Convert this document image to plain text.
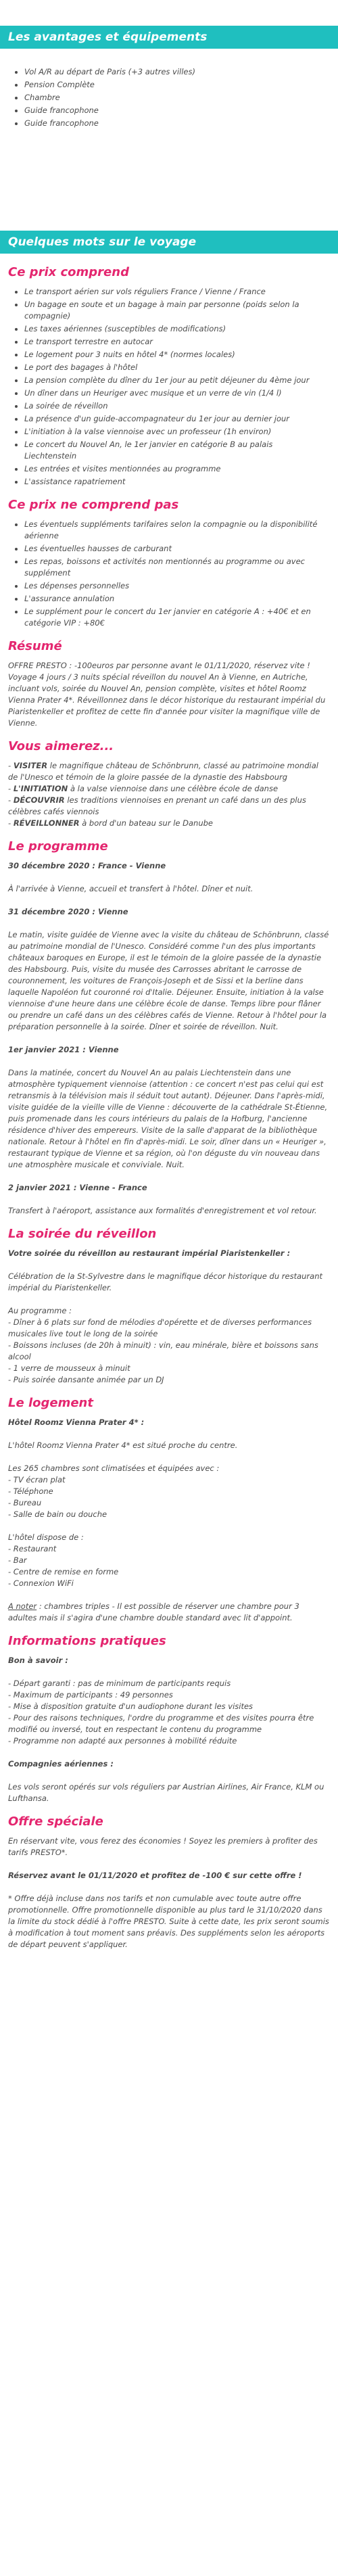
Les avantages et équipements
• Vol A/R au départ de Paris (+3 autres villes)
• Pension Complète
• Chambre
• Guide francophone
• Guide francophone
Quelques mots sur le voyage
Ce prix comprend
• Le transport aérien sur vols réguliers France / Vienne / France
• Un bagage en soute et un bagage à main par personne (poids selon la compagnie)
• Les taxes aériennes (susceptibles de modifications)
• Le transport terrestre en autocar
• Le logement pour 3 nuits en hôtel 4* (normes locales)
• Le port des bagages à l'hôtel
• La pension complète du dîner du 1er jour au petit déjeuner du 4ème jour
• Un dîner dans un Heuriger avec musique et un verre de vin (1/4 l)
• La soirée de réveillon
• La présence d'un guide-accompagnateur du 1er jour au dernier jour
• L'initiation à la valse viennoise avec un professeur (1h environ)
• Le concert du Nouvel An, le 1er janvier en catégorie B au palais Liechtenstein
• Les entrées et visites mentionnées au programme
• L'assistance rapatriement
Ce prix ne comprend pas
• Les éventuels suppléments tarifaires selon la compagnie ou la disponibilité aérienne
• Les éventuelles hausses de carburant
• Les repas, boissons et activités non mentionnés au programme ou avec supplément
• Les dépenses personnelles
• L'assurance annulation
• Le supplément pour le concert du 1er janvier en catégorie A : +40€ et en catégorie VIP : +80€
Résumé

OFFRE PRESTO : -100euros par personne avant le 01/11/2020, réservez vite ! Voyage 4 jours / 3 nuits spécial réveillon du nouvel An à Vienne, en Autriche, incluant vols, soirée du Nouvel An, pension complète, visites et hôtel Roomz Vienna Prater 4*. Réveillonnez dans le décor historique du restaurant impérial du Piaristenkeller et profitez de cette fin d'année pour visiter la magnifique ville de Vienne.

Vous aimerez...

- VISITER le magnifique château de Schönbrunn, classé au patrimoine mondial de l'Unesco et témoin de la gloire passée de la dynastie des Habsbourg

- L'INITIATION à la valse viennoise dans une célèbre école de danse

- DÉCOUVRIR les traditions viennoises en prenant un café dans un des plus célèbres cafés viennois

- RÉVEILLONNER à bord d'un bateau sur le Danube

Le programme

30 décembre 2020 : France - Vienne

À l'arrivée à Vienne, accueil et transfert à l'hôtel. Dîner et nuit.

31 décembre 2020 : Vienne

Le matin, visite guidée de Vienne avec la visite du château de Schönbrunn, classé au patrimoine mondial de l'Unesco. Considéré comme l'un des plus importants châteaux baroques en Europe, il est le témoin de la gloire passée de la dynastie des Habsbourg. Puis, visite du musée des Carrosses abritant le carrosse de couronnement, les voitures de François-Joseph et de Sissi et la berline dans laquelle Napoléon fut couronné roi d'Italie. Déjeuner. Ensuite, initiation à la valse viennoise d'une heure dans une célèbre école de danse. Temps libre pour flâner ou prendre un café dans un des célèbres cafés de Vienne. Retour à l'hôtel pour la préparation personnelle à la soirée. Dîner et soirée de réveillon. Nuit.

1er janvier 2021 : Vienne

Dans la matinée, concert du Nouvel An au palais Liechtenstein dans une atmosphère typiquement viennoise (attention : ce concert n'est pas celui qui est retransmis à la télévision mais il séduit tout autant). Déjeuner. Dans l'après-midi, visite guidée de la vieille ville de Vienne : découverte de la cathédrale St-Étienne, puis promenade dans les cours intérieurs du palais de la Hofburg, l'ancienne résidence d'hiver des empereurs. Visite de la salle d'apparat de la bibliothèque nationale. Retour à l'hôtel en fin d'après-midi. Le soir, dîner dans un « Heuriger », restaurant typique de Vienne et sa région, où l'on déguste du vin nouveau dans une atmosphère musicale et conviviale. Nuit.

2 janvier 2021 : Vienne - France

Transfert à l'aéroport, assistance aux formalités d'enregistrement et vol retour.

La soirée du réveillon

Votre soirée du réveillon au restaurant impérial Piaristenkeller :

Célébration de la St-Sylvestre dans le magnifique décor historique du restaurant impérial du Piaristenkeller.

Au programme :

- Dîner à 6 plats sur fond de mélodies d'opérette et de diverses performances musicales live tout le long de la soirée

- Boissons incluses (de 20h à minuit) : vin, eau minérale, bière et boissons sans alcool

- 1 verre de mousseux à minuit

- Puis soirée dansante animée par un DJ

Le logement

Hôtel Roomz Vienna Prater 4* :

L'hôtel Roomz Vienna Prater 4* est situé proche du centre.

Les 265 chambres sont climatisées et équipées avec :

- TV écran plat

- Téléphone

- Bureau

- Salle de bain ou douche

L'hôtel dispose de :

- Restaurant

- Bar

- Centre de remise en forme

- Connexion WiFi

A noter : chambres triples - Il est possible de réserver une chambre pour 3 adultes mais il s'agira d'une chambre double standard avec lit d'appoint.

Informations pratiques

Bon à savoir :

- Départ garanti : pas de minimum de participants requis

- Maximum de participants : 49 personnes

- Mise à disposition gratuite d'un audiophone durant les visites

- Pour des raisons techniques, l'ordre du programme et des visites pourra être modifié ou inversé, tout en respectant le contenu du programme

- Programme non adapté aux personnes à mobilité réduite

Compagnies aériennes :

Les vols seront opérés sur vols réguliers par Austrian Airlines, Air France, KLM ou Lufthansa.

Offre spéciale

En réservant vite, vous ferez des économies ! Soyez les premiers à profiter des tarifs PRESTO*.

Réservez avant le 01/11/2020 et profitez de -100 € sur cette offre !

* Offre déjà incluse dans nos tarifs et non cumulable avec toute autre offre promotionnelle. Offre promotionnelle disponible au plus tard le 31/10/2020 dans la limite du stock dédié à l'offre PRESTO. Suite à cette date, les prix seront soumis à modification à tout moment sans préavis. Des suppléments selon les aéroports de départ peuvent s'appliquer.
